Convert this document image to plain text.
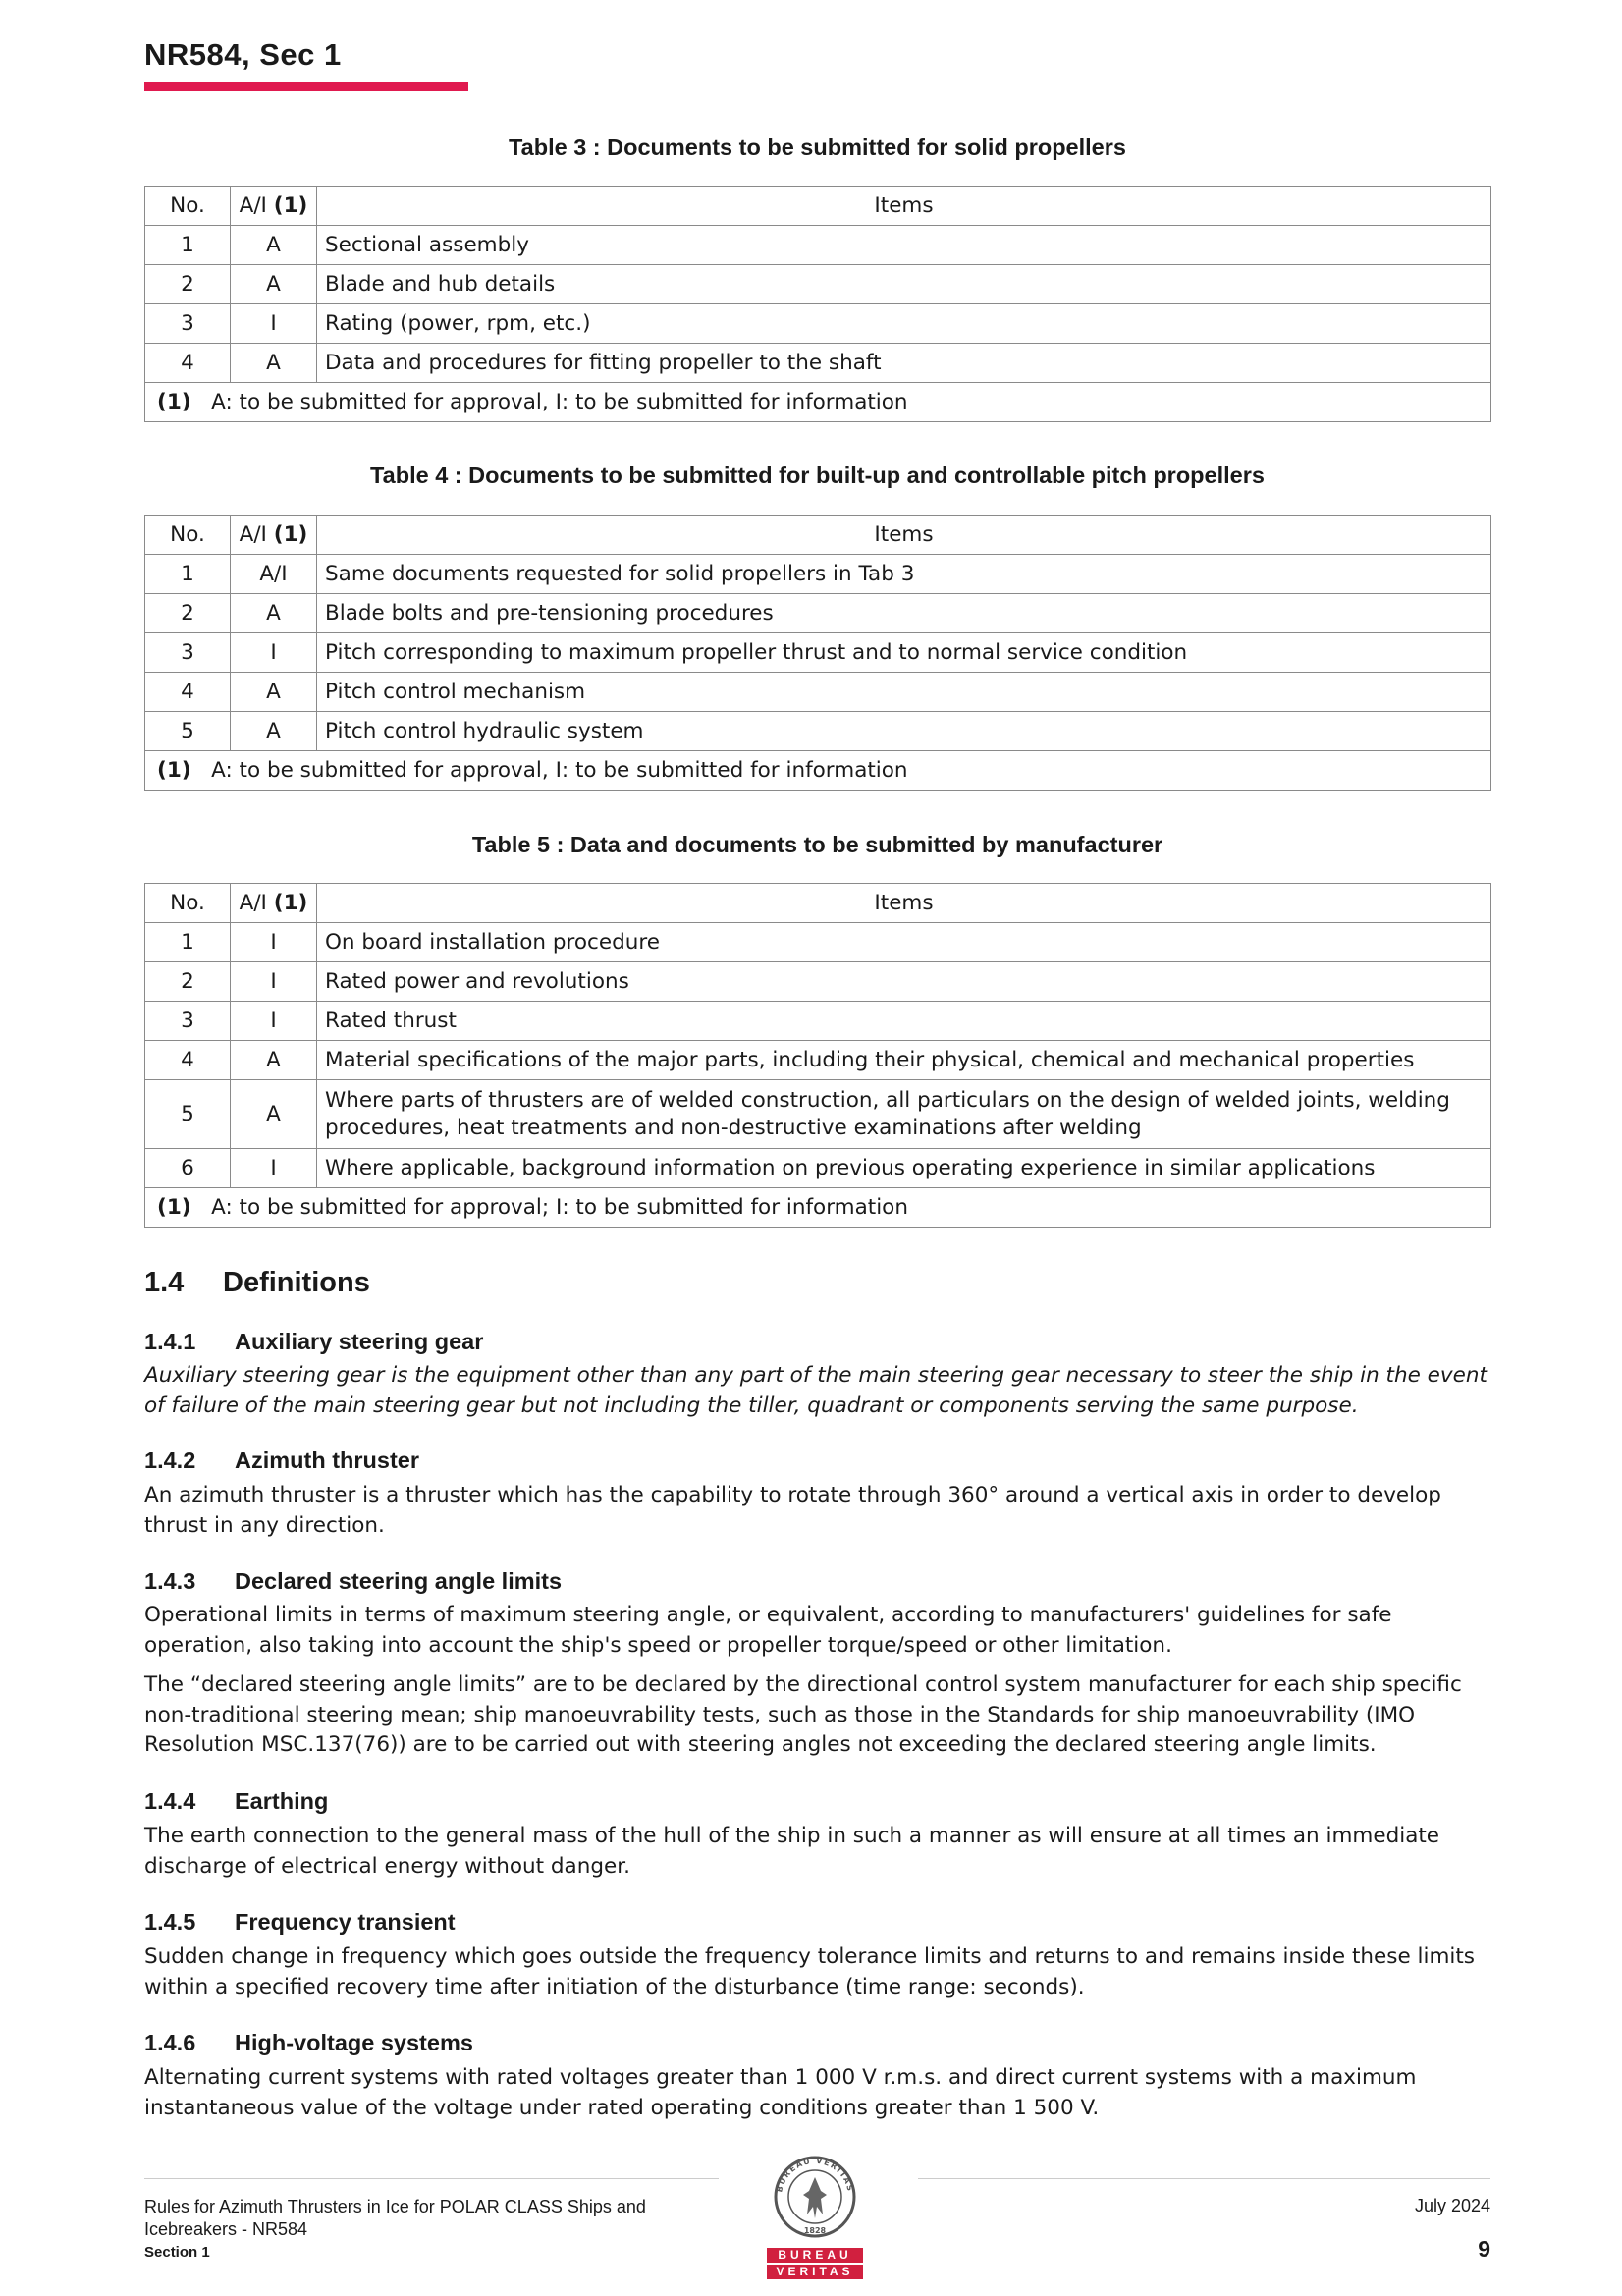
NR584, Sec 1
Table 3 : Documents to be submitted for solid propellers
No.	A/I (1)	Items
1	A	Sectional assembly
2	A	Blade and hub details
3	I	Rating (power, rpm, etc.)
4	A	Data and procedures for fitting propeller to the shaft
(1) A: to be submitted for approval, I: to be submitted for information		
Table 4 : Documents to be submitted for built-up and controllable pitch propellers
No.	A/I (1)	Items
1	A/I	Same documents requested for solid propellers in Tab 3
2	A	Blade bolts and pre-tensioning procedures
3	I	Pitch corresponding to maximum propeller thrust and to normal service condition
4	A	Pitch control mechanism
5	A	Pitch control hydraulic system
(1) A: to be submitted for approval, I: to be submitted for information		
Table 5 : Data and documents to be submitted by manufacturer
No.	A/I (1)	Items
1	I	On board installation procedure
2	I	Rated power and revolutions
3	I	Rated thrust
4	A	Material specifications of the major parts, including their physical, chemical and mechanical properties
5	A	Where parts of thrusters are of welded construction, all particulars on the design of welded joints, welding procedures, heat treatments and non-destructive examinations after welding
6	I	Where applicable, background information on previous operating experience in similar applications
(1) A: to be submitted for approval; I: to be submitted for information		
1.4 Definitions
1.4.1 Auxiliary steering gear
Auxiliary steering gear is the equipment other than any part of the main steering gear necessary to steer the ship in the event of failure of the main steering gear but not including the tiller, quadrant or components serving the same purpose.
1.4.2 Azimuth thruster
An azimuth thruster is a thruster which has the capability to rotate through 360° around a vertical axis in order to develop thrust in any direction.
1.4.3 Declared steering angle limits
Operational limits in terms of maximum steering angle, or equivalent, according to manufacturers' guidelines for safe operation, also taking into account the ship's speed or propeller torque/speed or other limitation.
The “declared steering angle limits” are to be declared by the directional control system manufacturer for each ship specific non-traditional steering mean; ship manoeuvrability tests, such as those in the Standards for ship manoeuvrability (IMO Resolution MSC.137(76)) are to be carried out with steering angles not exceeding the declared steering angle limits.
1.4.4 Earthing
The earth connection to the general mass of the hull of the ship in such a manner as will ensure at all times an immediate discharge of electrical energy without danger.
1.4.5 Frequency transient
Sudden change in frequency which goes outside the frequency tolerance limits and returns to and remains inside these limits within a specified recovery time after initiation of the disturbance (time range: seconds).
1.4.6 High-voltage systems
Alternating current systems with rated voltages greater than 1 000 V r.m.s. and direct current systems with a maximum instantaneous value of the voltage under rated operating conditions greater than 1 500 V.
Rules for Azimuth Thrusters in Ice for POLAR CLASS Ships and
Icebreakers - NR584
Section 1
BUREAU VERITAS
1828
BUREAU
VERITAS
July 2024
9
